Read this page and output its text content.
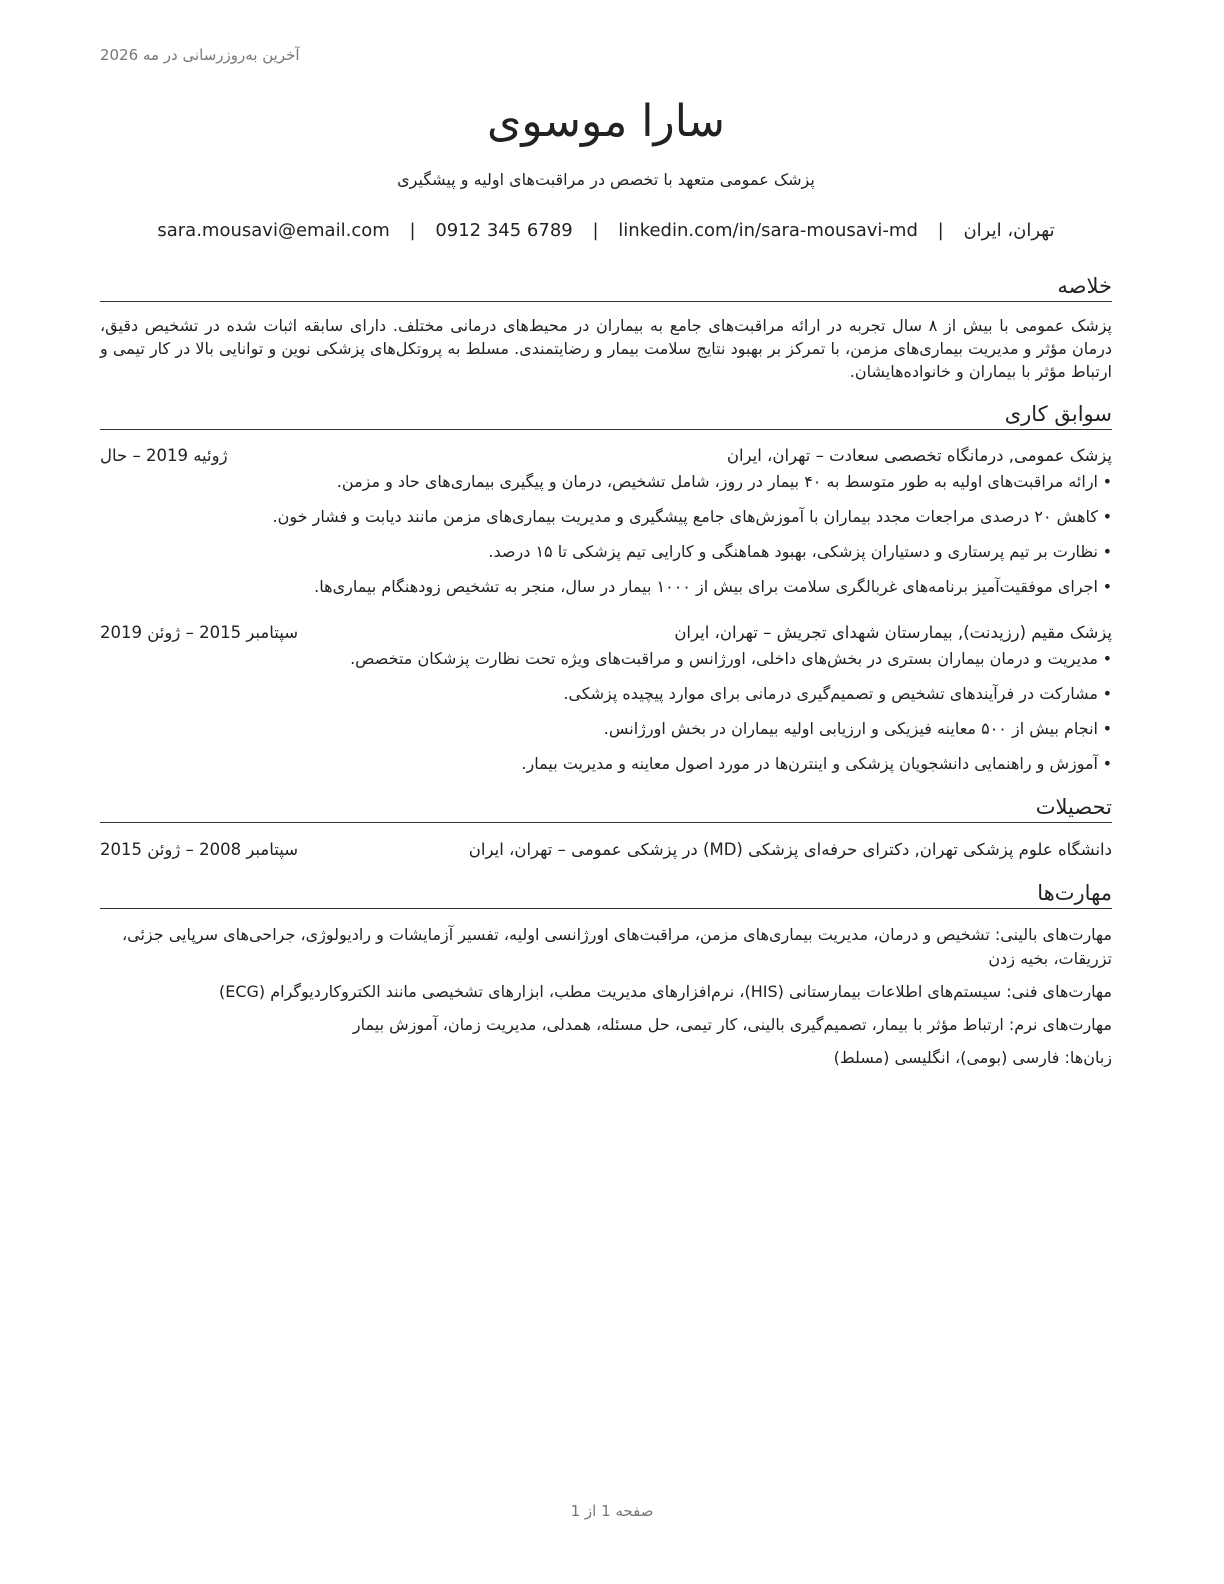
آخرین به‌روزرسانی در مه 2026
سارا موسوی
پزشک عمومی متعهد با تخصص در مراقبت‌های اولیه و پیشگیری
تهران، ایران | sara.mousavi@email.com | 0912 345 6789 | linkedin.com/in/sara-mousavi-md
خلاصه
پزشک عمومی با بیش از ۸ سال تجربه در ارائه مراقبت‌های جامع به بیماران در محیط‌های درمانی مختلف. دارای سابقه اثبات شده در تشخیص دقیق، درمان مؤثر و مدیریت بیماری‌های مزمن، با تمرکز بر بهبود نتایج سلامت بیمار و رضایتمندی. مسلط به پروتکل‌های پزشکی نوین و توانایی بالا در کار تیمی و ارتباط مؤثر با بیماران و خانواده‌هایشان.
سوابق کاری
پزشک عمومی, درمانگاه تخصصی سعادت – تهران، ایران
ژوئیه 2019 – حال
• ارائه مراقبت‌های اولیه به طور متوسط به ۴۰ بیمار در روز، شامل تشخیص، درمان و پیگیری بیماری‌های حاد و مزمن.
• کاهش ۲۰ درصدی مراجعات مجدد بیماران با آموزش‌های جامع پیشگیری و مدیریت بیماری‌های مزمن مانند دیابت و فشار خون.
• نظارت بر تیم پرستاری و دستیاران پزشکی، بهبود هماهنگی و کارایی تیم پزشکی تا ۱۵ درصد.
• اجرای موفقیت‌آمیز برنامه‌های غربالگری سلامت برای بیش از ۱۰۰۰ بیمار در سال، منجر به تشخیص زودهنگام بیماری‌ها.
پزشک مقیم (رزیدنت), بیمارستان شهدای تجریش – تهران، ایران
سپتامبر 2015 – ژوئن 2019
• مدیریت و درمان بیماران بستری در بخش‌های داخلی، اورژانس و مراقبت‌های ویژه تحت نظارت پزشکان متخصص.
• مشارکت در فرآیندهای تشخیص و تصمیم‌گیری درمانی برای موارد پیچیده پزشکی.
• انجام بیش از ۵۰۰ معاینه فیزیکی و ارزیابی اولیه بیماران در بخش اورژانس.
• آموزش و راهنمایی دانشجویان پزشکی و اینترن‌ها در مورد اصول معاینه و مدیریت بیمار.
تحصیلات
دانشگاه علوم پزشکی تهران, دکترای حرفه‌ای پزشکی (MD) در پزشکی عمومی – تهران، ایران
سپتامبر 2008 – ژوئن 2015
مهارت‌ها
مهارت‌های بالینی: تشخیص و درمان، مدیریت بیماری‌های مزمن، مراقبت‌های اورژانسی اولیه، تفسیر آزمایشات و رادیولوژی، جراحی‌های سرپایی جزئی، تزریقات، بخیه زدن
مهارت‌های فنی: سیستم‌های اطلاعات بیمارستانی (HIS)، نرم‌افزارهای مدیریت مطب، ابزارهای تشخیصی مانند الکتروکاردیوگرام (ECG)
مهارت‌های نرم: ارتباط مؤثر با بیمار، تصمیم‌گیری بالینی، کار تیمی، حل مسئله، همدلی، مدیریت زمان، آموزش بیمار
زبان‌ها: فارسی (بومی)، انگلیسی (مسلط)
صفحه 1 از 1
